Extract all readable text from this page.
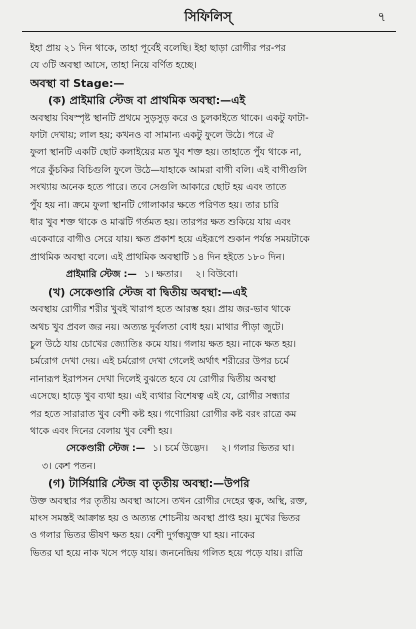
সিফিলিস্	৭
ইহা প্রায় ২১ দিন থাকে, তাহা পূর্বেই বলেছি। ইহা ছাড়া রোগীর পর-পর
যে ৩টি অবস্থা আসে, তাহা নিয়ে বর্ণিত হচ্ছে।
অবস্থা বা Stage:—
(ক) প্রাইমারি স্টেজ বা প্রাথমিক অবস্থা:—এই
অবস্থায় বিষস্পৃষ্ট স্থানটি প্রথমে সুড়সুড় করে ও চুলকাইতে থাকে। একটু ফাটা-
ফাটা দেখায়; লাল হয়; কখনও বা সামান্য একটু ফুলে উঠে। পরে ঐ
ফুলা স্থানটি একটি ছোট কলাইয়ের মত খুব শক্ত হয়। তাহাতে পুঁয থাকে না,
পরে কুঁচকির বিচিগুলি ফুলে উঠে—যাহাকে আমরা বাগী বলি। এই বাগীগুলি
সংখ্যায় অনেক হতে পারে। তবে সেগুলি আকারে ছোট হয় এবং তাতে
পুঁয হয় না। ক্রমে ফুলা স্থানটি গোলাকার ক্ষতে পরিণত হয়। তার চারি
ধার খুব শক্ত থাকে ও মাঝটি গর্তমত হয়। তারপর ক্ষত শুকিয়ে যায় এবং
একেবারে বাগীও সেরে যায়। ক্ষত প্রকাশ হয়ে এইরূপে শুকান পর্যন্ত সময়টাকে
প্রাথমিক অবস্থা বলে। এই প্রাথমিক অবস্থাটি ১৪ দিন হইতে ১৮০ দিন।
প্রাইমারি স্টেজ :— ১। ক্ষতার। ২। বিউবো।
(খ) সেকেণ্ডারি স্টেজ বা দ্বিতীয় অবস্থা:—এই
অবস্থায় রোগীর শরীর খুবই খারাপ হতে আরম্ভ হয়। প্রায় জর-ভাব থাকে
অথচ খুব প্রবল জর নয়। অত্যন্ত দুর্বলতা বোধ হয়। মাথার পীড়া জুটে।
চুল উঠে যায় চোখের জ্যোতিঃ কমে যায়। গলায় ক্ষত হয়। নাকে ক্ষত হয়।
চর্মরোগ দেখা দেয়। এই চর্মরোগ দেখা গেলেই অর্থাৎ শরীরের উপর চর্মে
নানারূপ ইরাপসন দেখা দিলেই বুঝতে হবে যে রোগীর দ্বিতীয় অবস্থা
এসেছে। হাড়ে খুব ব্যথা হয়। এই ব্যথার বিশেষত্ব এই যে, রোগীর সন্ধ্যার
পর হতে সারারাত খুব বেশী কষ্ট হয়। গণোরিয়া রোগীর কষ্ট বরং রাত্রে কম
থাকে এবং দিনের বেলায় খুব বেশী হয়।
সেকেণ্ডারী স্টেজ :— ১। চর্মে উদ্ভেদ। ২। গলার ভিতর ঘা।
৩। কেশ পতন।
(গ) টার্সিয়ারি স্টেজ বা তৃতীয় অবস্থা:—উপরি
উক্ত অবস্থার পর তৃতীয় অবস্থা আসে। তখন রোগীর দেহের ত্বক, অস্থি, রক্ত,
মাংস সমস্তই আক্রান্ত হয় ও অত্যন্ত শোচনীয় অবস্থা প্রাপ্ত হয়। মুখের ভিতর
ও গলার ভিতর ভীষণ ক্ষত হয়। বেশী দুর্গন্ধযুক্ত ঘা হয়। নাকের
ভিতর ঘা হয়ে নাক খসে পড়ে যায়। জননেন্দ্রিয় গলিত হয়ে পড়ে যায়। রাত্রি
